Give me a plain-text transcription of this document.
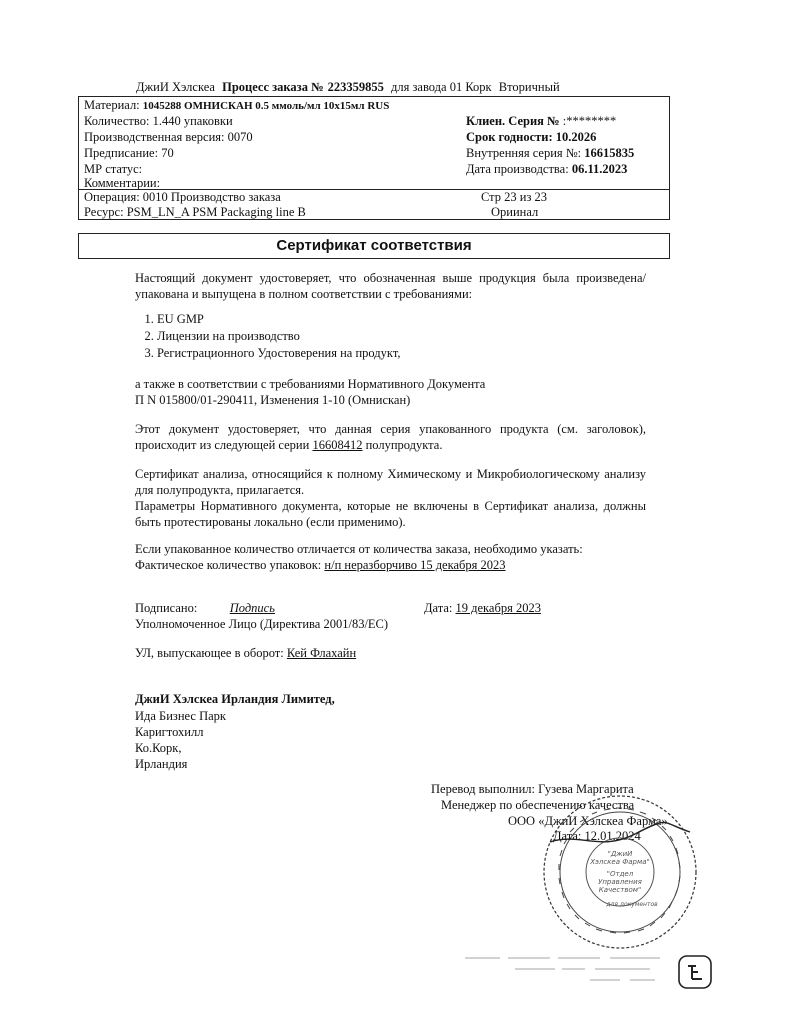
ДжиИ Хэлскеа Процесс заказа № 223359855 для завода 01 Корк Вторичный
Материал: 1045288 ОМНИСКАН 0.5 ммоль/мл 10х15мл RUS
Количество: 1.440 упаковки
Производственная версия: 0070
Предписание: 70
МР статус:
Комментарии:
Клиен. Серия № :********
Срок годности: 10.2026
Внутренняя серия №: 16615835
Дата производства: 06.11.2023
Операция: 0010 Производство заказа
Ресурс: PSM_LN_A PSM Packaging line B
Стр 23 из 23
Ориинал
Сертификат соответствия
Настоящий документ удостоверяет, что обозначенная выше продукция была произведена/ упакована и выпущена в полном соответствии с требованиями:
1. EU GMP
2. Лицензии на производство
3. Регистрационного Удостоверения на продукт,
а также в соответствии с требованиями Нормативного Документа
П N 015800/01-290411, Изменения 1-10 (Омнискан)
Этот документ удостоверяет, что данная серия упакованного продукта (см. заголовок), происходит из следующей серии 16608412 полупродукта.
Сертификат анализа, относящийся к полному Химическому и Микробиологическому анализу для полупродукта, прилагается.
Параметры Нормативного документа, которые не включены в Сертификат анализа, должны быть протестированы локально (если применимо).
Если упакованное количество отличается от количества заказа, необходимо указать:
Фактическое количество упаковок: н/п неразборчиво 15 декабря 2023
Подписано:	Подпись	Дата: 19 декабря 2023
Уполномоченное Лицо (Директива 2001/83/ЕС)
УЛ, выпускающее в оборот: Кей Флахайн
ДжиИ Хэлскеа Ирландия Лимитед,
Ида Бизнес Парк
Каригтохилл
Ко.Корк,
Ирландия
Перевод выполнил: Гузева Маргарита
Менеджер по обеспечению качества
ООО «ДжиИ Хэлскеа Фарма»
Дата: 12.01.2024
"ДжиИ
Хэлскеа Фарма"
"Отдел
Управления
Качеством"
для документов
